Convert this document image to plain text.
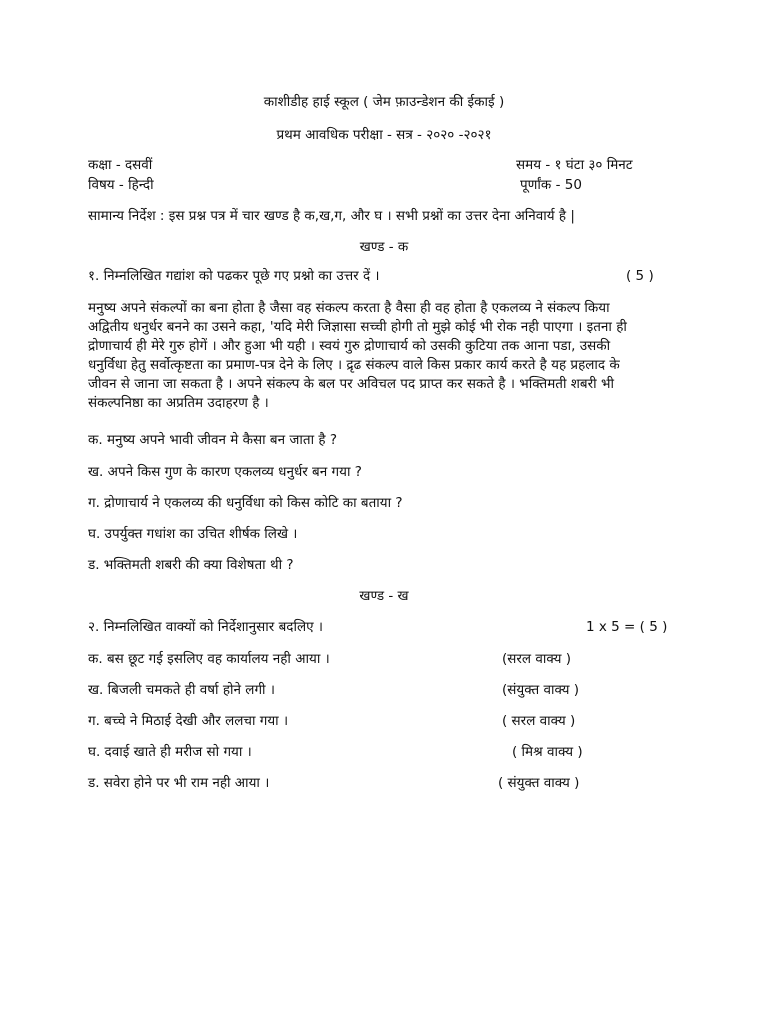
काशीडीह हाई स्कूल ( जेम फ़ाउन्डेशन की ईकाई )
प्रथम आवधिक परीक्षा - सत्र - २०२० -२०२१
कक्षा - दसवीं	समय - १ घंटा ३० मिनट
विषय - हिन्दी	पूर्णांक - 50
सामान्य निर्देश : इस प्रश्न पत्र में चार खण्ड है क,ख,ग, और घ । सभी प्रश्नों का उत्तर देना अनिवार्य है |
खण्ड - क
१. निम्नलिखित गद्यांश को पढकर पूछे गए प्रश्नो का उत्तर दें ।	( 5 )
मनुष्य अपने संकल्पों का बना होता है जैसा वह संकल्प करता है वैसा ही वह होता है एकलव्य ने संकल्प किया
अद्वितीय धनुर्धर बनने का उसने कहा, 'यदि मेरी जिज्ञासा सच्ची होगी तो मुझे कोई भी रोक नही पाएगा । इतना ही
द्रोणाचार्य ही मेरे गुरु होगें । और हुआ भी यही । स्वयं गुरु द्रोणाचार्य को उसकी कुटिया तक आना पडा, उसकी
धनुर्विधा हेतु सर्वोत्कृष्टता का प्रमाण-पत्र देने के लिए । द्रृढ संकल्प वाले किस प्रकार कार्य करते है यह प्रहलाद के
जीवन से जाना जा सकता है । अपने संकल्प के बल पर अविचल पद प्राप्त कर सकते है । भक्तिमती शबरी भी
संकल्पनिष्ठा का अप्रतिम उदाहरण है ।
क. मनुष्य अपने भावी जीवन मे कैसा बन जाता है ?
ख. अपने किस गुण के कारण एकलव्य धनुर्धर बन गया ?
ग. द्रोणाचार्य ने एकलव्य की धनुर्विधा को किस कोटि का बताया ?
घ. उपर्युक्त गधांश का उचित शीर्षक लिखे ।
ड. भक्तिमती शबरी की क्या विशेषता थी ?
खण्ड - ख
२. निम्नलिखित वाक्यों को निर्देशानुसार बदलिए ।	1 x 5 = ( 5 )
क. बस छूट गई इसलिए वह कार्यालय नही आया ।	(सरल वाक्य )
ख. बिजली चमकते ही वर्षा होने लगी ।	(संयुक्त वाक्य )
ग. बच्चे ने मिठाई देखी और ललचा गया ।	( सरल वाक्य )
घ. दवाई खाते ही मरीज सो गया ।	( मिश्र वाक्य )
ड. सवेरा होने पर भी राम नही आया ।	( संयुक्त वाक्य )
